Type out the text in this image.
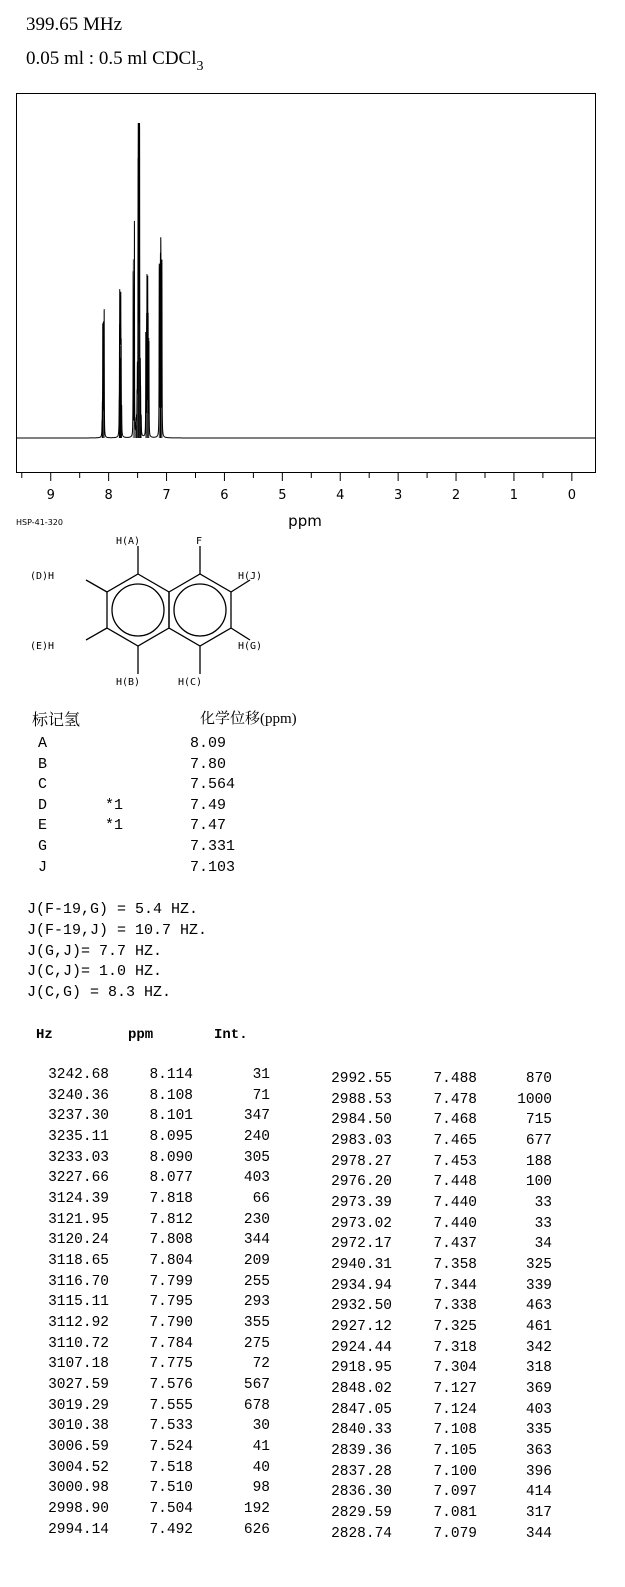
399.65 MHz
0.05 ml : 0.5 ml CDCl$_3$
9	8	7	6	5	4	3	2	1	0
ppm
HSP-41-320
H(A)	F
H(J)
(D)H
(E)H	H(G)
H(B)	H(C)
标记氢	化学位移(ppm)
A	8.09
B	7.80
C	7.564
D	*1	7.49
E	*1	7.47
G	7.331
J	7.103
J(F-19,G) = 5.4 HZ.
J(F-19,J) = 10.7 HZ.
J(G,J)= 7.7 HZ.
J(C,J)= 1.0 HZ.
J(C,G) = 8.3 HZ.
Hz	ppm	Int.
3242.68	8.114	31
3240.36	8.108	71
3237.30	8.101	347
3235.11	8.095	240
3233.03	8.090	305
3227.66	8.077	403
3124.39	7.818	66
3121.95	7.812	230
3120.24	7.808	344
3118.65	7.804	209
3116.70	7.799	255
3115.11	7.795	293
3112.92	7.790	355
3110.72	7.784	275
3107.18	7.775	72
3027.59	7.576	567
3019.29	7.555	678
3010.38	7.533	30
3006.59	7.524	41
3004.52	7.518	40
3000.98	7.510	98
2998.90	7.504	192
2994.14	7.492	626
2992.55	7.488	870
2988.53	7.478	1000
2984.50	7.468	715
2983.03	7.465	677
2978.27	7.453	188
2976.20	7.448	100
2973.39	7.440	33
2973.02	7.440	33
2972.17	7.437	34
2940.31	7.358	325
2934.94	7.344	339
2932.50	7.338	463
2927.12	7.325	461
2924.44	7.318	342
2918.95	7.304	318
2848.02	7.127	369
2847.05	7.124	403
2840.33	7.108	335
2839.36	7.105	363
2837.28	7.100	396
2836.30	7.097	414
2829.59	7.081	317
2828.74	7.079	344
